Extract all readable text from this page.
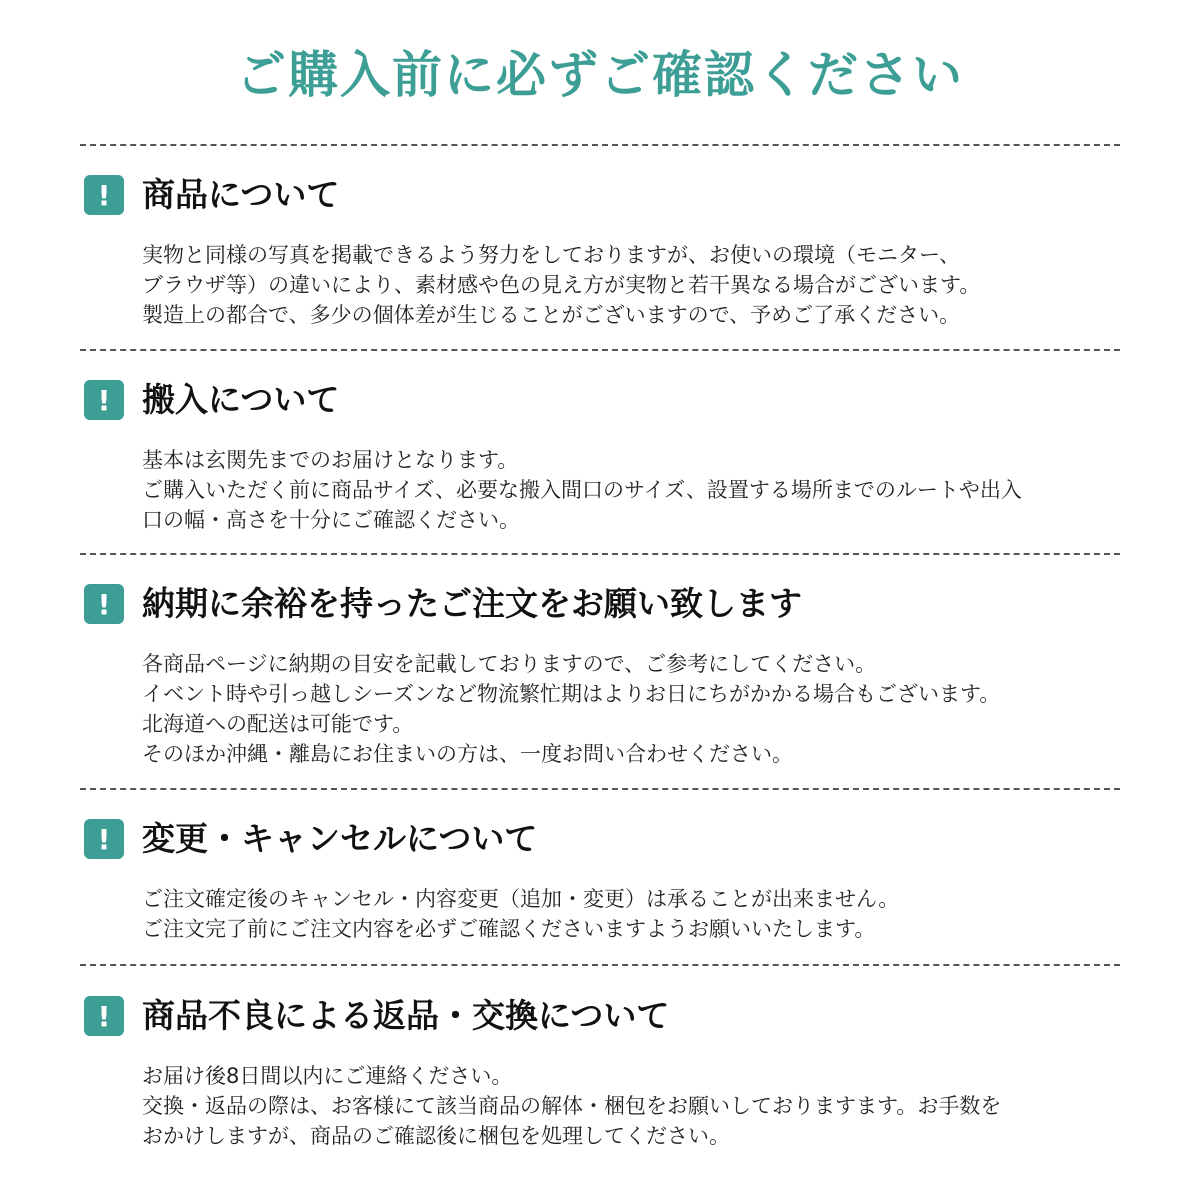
ご購入前に必ずご確認ください
! 商品について
実物と同様の写真を掲載できるよう努力をしておりますが、お使いの環境（モニター、
ブラウザ等）の違いにより、素材感や色の見え方が実物と若干異なる場合がございます。
製造上の都合で、多少の個体差が生じることがございますので、予めご了承ください。
! 搬入について
基本は玄関先までのお届けとなります。
ご購入いただく前に商品サイズ、必要な搬入間口のサイズ、設置する場所までのルートや出入
口の幅・高さを十分にご確認ください。
! 納期に余裕を持ったご注文をお願い致します
各商品ページに納期の目安を記載しておりますので、ご参考にしてください。
イベント時や引っ越しシーズンなど物流繁忙期はよりお日にちがかかる場合もございます。
北海道への配送は可能です。
そのほか沖縄・離島にお住まいの方は、一度お問い合わせください。
! 変更・キャンセルについて
ご注文確定後のキャンセル・内容変更（追加・変更）は承ることが出来ません。
ご注文完了前にご注文内容を必ずご確認くださいますようお願いいたします。
! 商品不良による返品・交換について
お届け後8日間以内にご連絡ください。
交換・返品の際は、お客様にて該当商品の解体・梱包をお願いしておりますます。お手数を
おかけしますが、商品のご確認後に梱包を処理してください。
